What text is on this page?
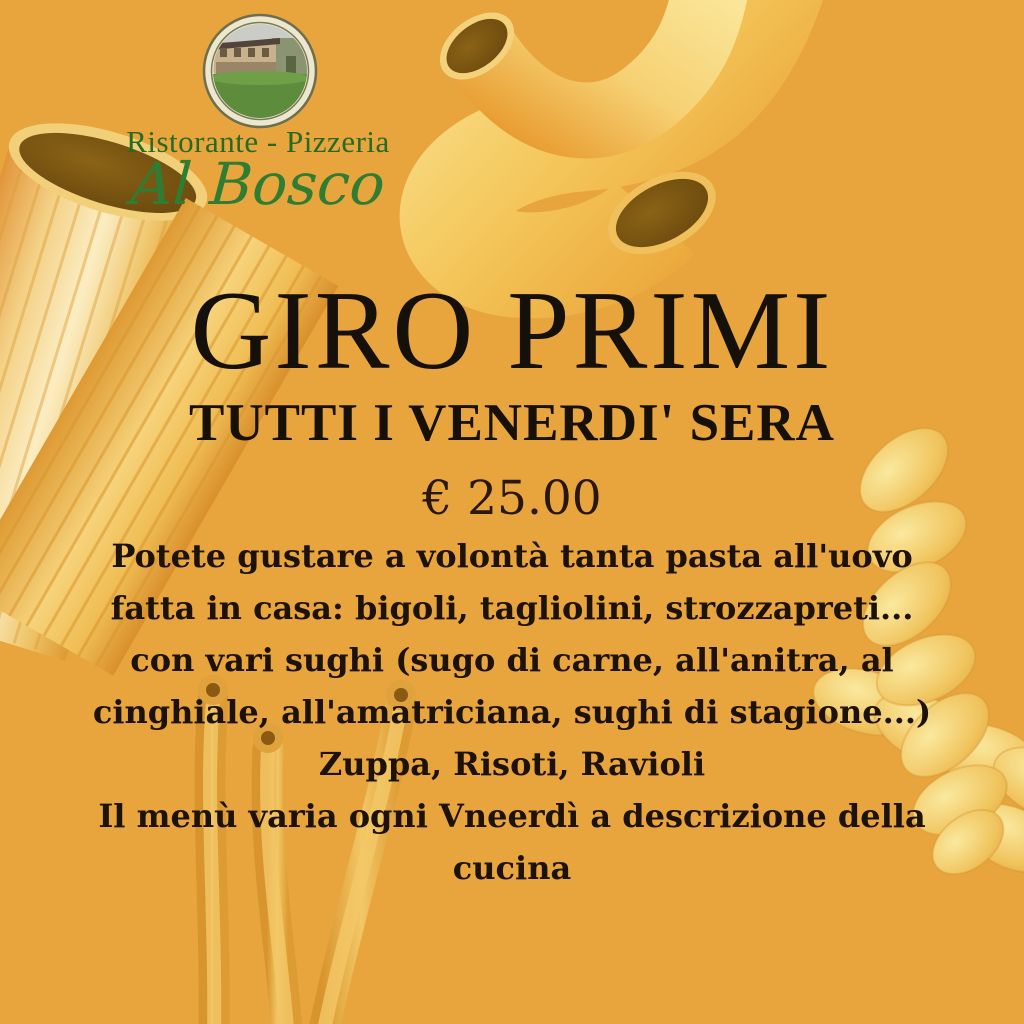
Ristorante - Pizzeria
Al Bosco
GIRO PRIMI
TUTTI I VENERDI' SERA
€ 25.00
Potete gustare a volontà tanta pasta all'uovo
fatta in casa: bigoli, tagliolini, strozzapreti...
con vari sughi (sugo di carne, all'anitra, al
cinghiale, all'amatriciana, sughi di stagione...)
Zuppa, Risoti, Ravioli
Il menù varia ogni Vneerdì a descrizione della
cucina
